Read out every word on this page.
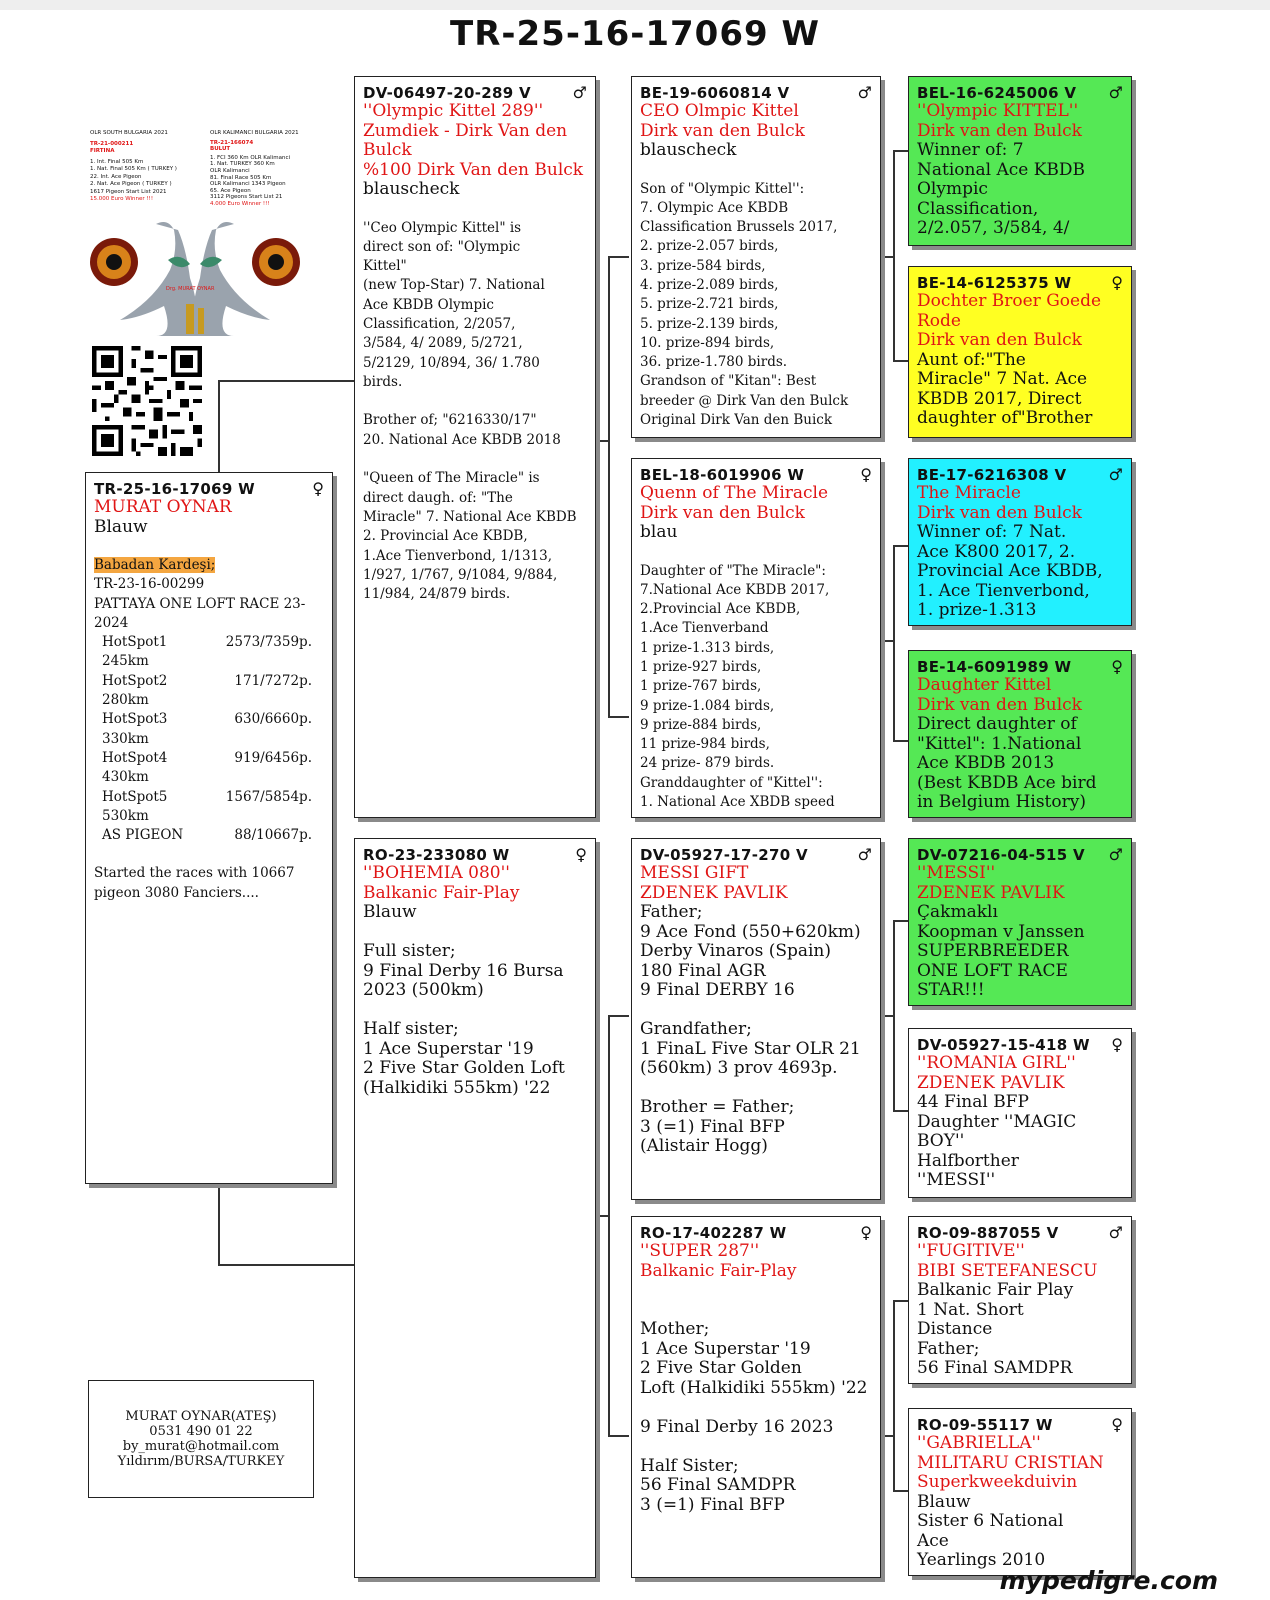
TR-25-16-17069 W
OLR SOUTH BULGARIA 2021
TR-21-000211
FIRTINA
1. Int. Final 505 Km
1. Nat. Final 505 Km ( TURKEY )
22. Int. Ace Pigeon
2. Nat. Ace Pigeon ( TURKEY )
1617 Pigeon Start List 2021
15.000 Euro Winner !!!
OLR KALIMANCI BULGARIA 2021
TR-21-166074
BULUT
1. FCI 360 Km OLR Kalimanci
1. Nat. TURKEY 360 Km
OLR Kalimanci
81. Final Race 505 Km
OLR Kalimanci 1343 Pigeon
65. Ace Pigeon
3112 Pigeons Start List 21
4.000 Euro Winner !!!
Drg. MURAT OYNAR
TR-25-16-17069 W	♀
MURAT OYNAR
Blauw
Babadan Kardeşi;
TR-23-16-00299
PATTAYA ONE LOFT RACE 23-2024
HotSpot1 245km
2573/7359p.
HotSpot2 280km
171/7272p.
HotSpot3 330km
630/6660p.
HotSpot4 430km
919/6456p.
HotSpot5 530km
1567/5854p.
AS PIGEON	88/10667p.
Started the races with 10667
pigeon 3080 Fanciers....
DV-06497-20-289 V	♂
''Olympic Kittel 289''
Zumdiek - Dirk Van den
Bulck
%100 Dirk Van den Bulck
blauscheck
''Ceo Olympic Kittel" is
direct son of: "Olympic
Kittel"
(new Top-Star) 7. National
Ace KBDB Olympic
Classification, 2/2057,
3/584, 4/ 2089, 5/2721,
5/2129, 10/894, 36/ 1.780
birds.
Brother of; "6216330/17"
20. National Ace KBDB 2018
"Queen of The Miracle" is
direct daugh. of: "The
Miracle" 7. National Ace KBDB
2. Provincial Ace KBDB,
1.Ace Tienverbond, 1/1313,
1/927, 1/767, 9/1084, 9/884,
11/984, 24/879 birds.
RO-23-233080 W	♀
''BOHEMIA 080''
Balkanic Fair-Play
Blauw
Full sister;
9 Final Derby 16 Bursa
2023 (500km)
Half sister;
1 Ace Superstar '19
2 Five Star Golden Loft
(Halkidiki 555km) '22
BE-19-6060814 V	♂
CEO Olmpic Kittel
Dirk van den Bulck
blauscheck
Son of "Olympic Kittel'':
7. Olympic Ace KBDB
Classification Brussels 2017,
2. prize-2.057 birds,
3. prize-584 birds,
4. prize-2.089 birds,
5. prize-2.721 birds,
5. prize-2.139 birds,
10. prize-894 birds,
36. prize-1.780 birds.
Grandson of "Kitan": Best
breeder @ Dirk Van den Bulck
Original Dirk Van den Buick
BEL-18-6019906 W	♀
Quenn of The Miracle
Dirk van den Bulck
blau
Daughter of "The Miracle":
7.National Ace KBDB 2017,
2.Provincial Ace KBDB,
1.Ace Tienverband
1 prize-1.313 birds,
1 prize-927 birds,
1 prize-767 birds,
9 prize-1.084 birds,
9 prize-884 birds,
11 prize-984 birds,
24 prize- 879 birds.
Granddaughter of "Kittel'':
1. National Ace XBDB speed
DV-05927-17-270 V	♂
MESSI GIFT
ZDENEK PAVLIK
Father;
9 Ace Fond (550+620km)
Derby Vinaros (Spain)
180 Final AGR
9 Final DERBY 16
Grandfather;
1 FinaL Five Star OLR 21
(560km) 3 prov 4693p.
Brother = Father;
3 (=1) Final BFP
(Alistair Hogg)
RO-17-402287 W	♀
''SUPER 287''
Balkanic Fair-Play
Mother;
1 Ace Superstar '19
2 Five Star Golden
Loft (Halkidiki 555km) '22
9 Final Derby 16 2023
Half Sister;
56 Final SAMDPR
3 (=1) Final BFP
BEL-16-6245006 V ♂
''Olympic KITTEL''
Dirk van den Bulck
Winner of: 7
National Ace KBDB
Olympic
Classification,
2/2.057, 3/584, 4/
BE-14-6125375 W ♀
Dochter Broer Goede
Rode
Dirk van den Bulck
Aunt of:"The
Miracle" 7 Nat. Ace
KBDB 2017, Direct
daughter of"Brother
BE-17-6216308 V	♂
The Miracle
Dirk van den Bulck
Winner of: 7 Nat.
Ace K800 2017, 2.
Provincial Ace KBDB,
1. Ace Tienverbond,
1. prize-1.313
BE-14-6091989 W ♀
Daughter Kittel
Dirk van den Bulck
Direct daughter of
"Kittel": 1.National
Ace KBDB 2013
(Best KBDB Ace bird
in Belgium History)
DV-07216-04-515 V ♂
''MESSI''
ZDENEK PAVLIK
Çakmaklı
Koopman v Janssen
SUPERBREEDER
ONE LOFT RACE
STAR!!!
DV-05927-15-418 W ♀
''ROMANIA GIRL''
ZDENEK PAVLIK
44 Final BFP
Daughter ''MAGIC
BOY''
Halfborther
''MESSI''
RO-09-887055 V	♂
''FUGITIVE''
BIBI SETEFANESCU
Balkanic Fair Play
1 Nat. Short
Distance
Father;
56 Final SAMDPR
RO-09-55117 W	♀
''GABRIELLA''
MILITARU CRISTIAN
Superkweekduivin
Blauw
Sister 6 National
Ace
Yearlings 2010
MURAT OYNAR(ATEŞ)
0531 490 01 22
by_murat@hotmail.com
Yıldırım/BURSA/TURKEY
mypedigre.com
